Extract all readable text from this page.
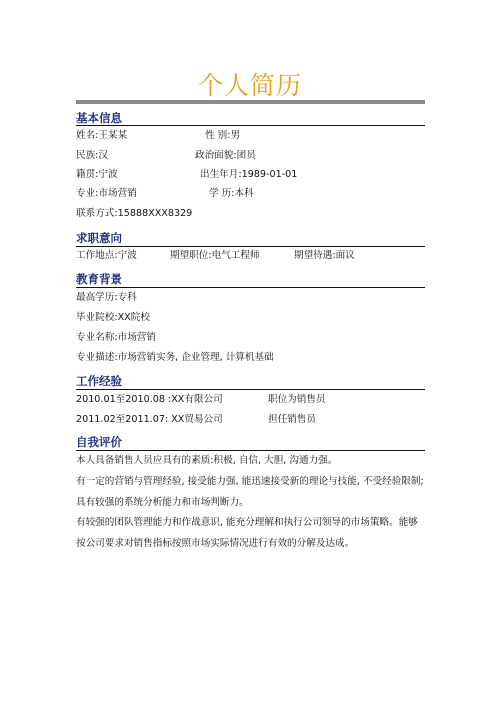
个人简历
基本信息
姓名:王某某	性 别:男
民族:汉	政治面貌:团员
籍贯:宁波	出生年月:1989-01-01
专业:市场营销	学 历:本科
联系方式:15888XXX8329
求职意向
工作地点:宁波	期望职位:电气工程师	期望待遇:面议
教育背景
最高学历:专科
毕业院校:XX院校
专业名称:市场营销
专业描述:市场营销实务, 企业管理, 计算机基础
工作经验
2010.01至2010.08 :XX有限公司	职位为销售员
2011.02至2011.07: XX贸易公司	担任销售员
自我评价
本人具备销售人员应具有的素质:积极, 自信, 大胆, 沟通力强。
有一定的营销与管理经验, 接受能力强, 能迅速接受新的理论与技能, 不受经验限制;具有较强的系统分析能力和市场判断力。
有较强的团队管理能力和作战意识, 能充分理解和执行公司领导的市场策略。能够按公司要求对销售指标按照市场实际情况进行有效的分解及达成。
